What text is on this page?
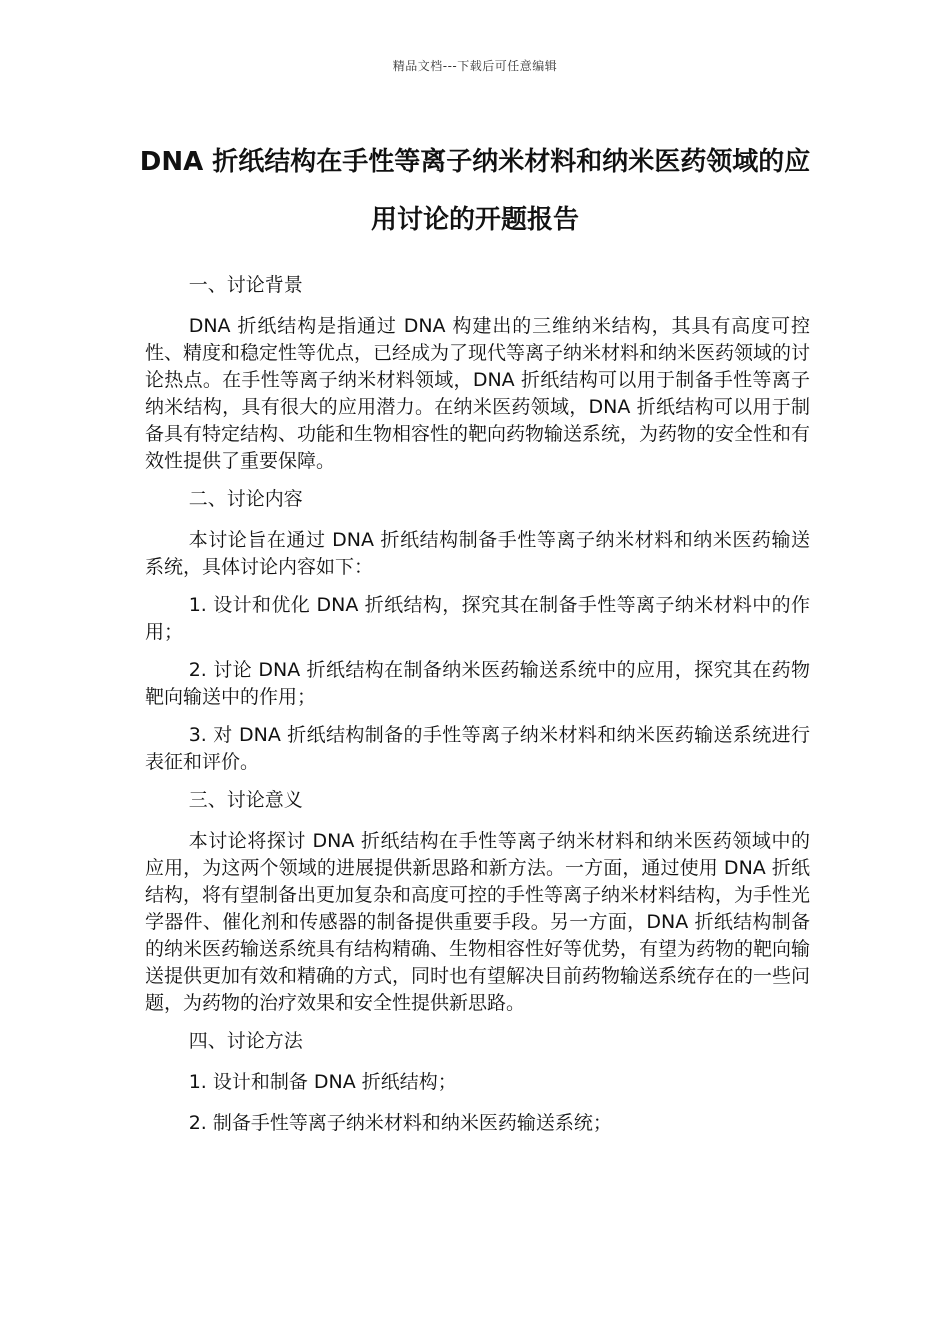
精品文档---下载后可任意编辑
DNA 折纸结构在手性等离子纳米材料和纳米医药领域的应用讨论的开题报告

一、讨论背景

DNA 折纸结构是指通过 DNA 构建出的三维纳米结构，其具有高度可控性、精度和稳定性等优点，已经成为了现代等离子纳米材料和纳米医药领域的讨论热点。在手性等离子纳米材料领域，DNA 折纸结构可以用于制备手性等离子纳米结构，具有很大的应用潜力。在纳米医药领域，DNA 折纸结构可以用于制备具有特定结构、功能和生物相容性的靶向药物输送系统，为药物的安全性和有效性提供了重要保障。

二、讨论内容

本讨论旨在通过 DNA 折纸结构制备手性等离子纳米材料和纳米医药输送系统，具体讨论内容如下：

1. 设计和优化 DNA 折纸结构，探究其在制备手性等离子纳米材料中的作用；

2. 讨论 DNA 折纸结构在制备纳米医药输送系统中的应用，探究其在药物靶向输送中的作用；

3. 对 DNA 折纸结构制备的手性等离子纳米材料和纳米医药输送系统进行表征和评价。

三、讨论意义

本讨论将探讨 DNA 折纸结构在手性等离子纳米材料和纳米医药领域中的应用，为这两个领域的进展提供新思路和新方法。一方面，通过使用 DNA 折纸结构，将有望制备出更加复杂和高度可控的手性等离子纳米材料结构，为手性光学器件、催化剂和传感器的制备提供重要手段。另一方面，DNA 折纸结构制备的纳米医药输送系统具有结构精确、生物相容性好等优势，有望为药物的靶向输送提供更加有效和精确的方式，同时也有望解决目前药物输送系统存在的一些问题，为药物的治疗效果和安全性提供新思路。

四、讨论方法

1. 设计和制备 DNA 折纸结构；

2. 制备手性等离子纳米材料和纳米医药输送系统；
